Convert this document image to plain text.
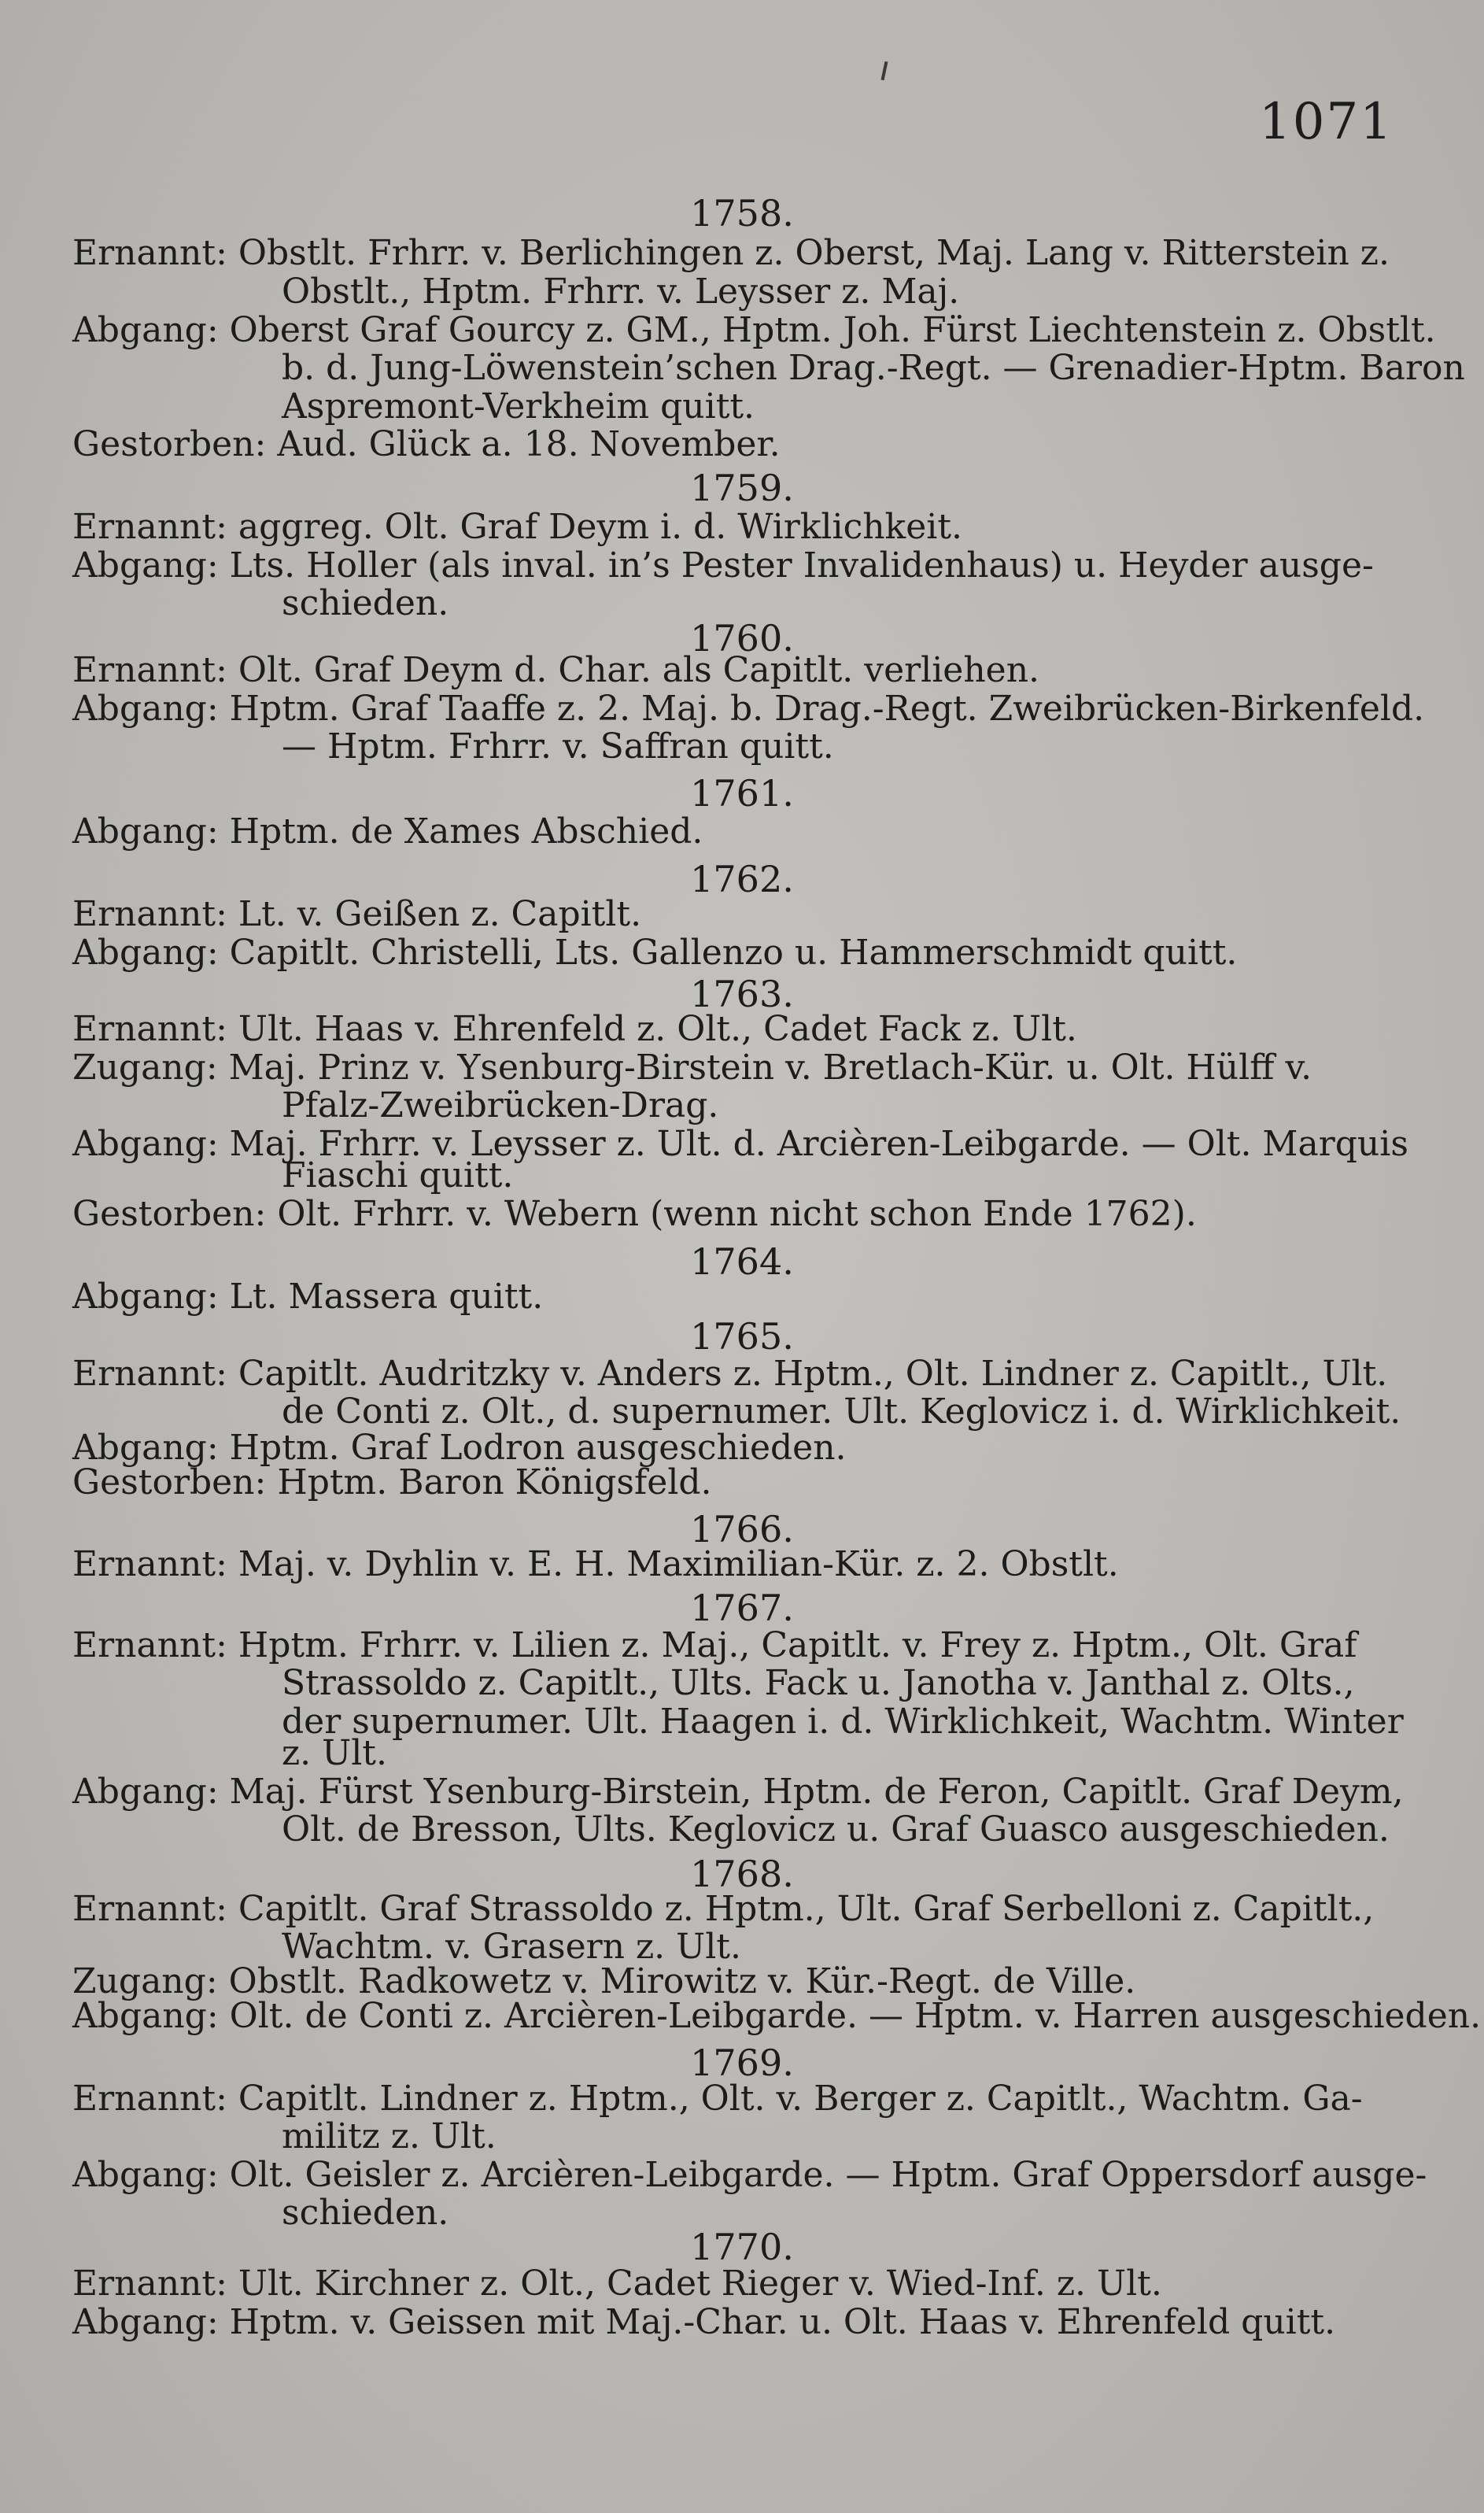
1071
1758.
Ernannt: Obstlt. Frhrr. v. Berlichingen z. Oberst, Maj. Lang v. Ritterstein z.
Obstlt., Hptm. Frhrr. v. Leysser z. Maj.
Abgang: Oberst Graf Gourcy z. GM., Hptm. Joh. Fürst Liechtenstein z. Obstlt.
b. d. Jung-Löwenstein’schen Drag.-Regt. — Grenadier-Hptm. Baron
Aspremont-Verkheim quitt.
Gestorben: Aud. Glück a. 18. November.
1759.
Ernannt: aggreg. Olt. Graf Deym i. d. Wirklichkeit.
Abgang: Lts. Holler (als inval. in’s Pester Invalidenhaus) u. Heyder ausge-
schieden.
1760.
Ernannt: Olt. Graf Deym d. Char. als Capitlt. verliehen.
Abgang: Hptm. Graf Taaffe z. 2. Maj. b. Drag.-Regt. Zweibrücken-Birkenfeld.
— Hptm. Frhrr. v. Saffran quitt.
1761.
Abgang: Hptm. de Xames Abschied.
1762.
Ernannt: Lt. v. Geißen z. Capitlt.
Abgang: Capitlt. Christelli, Lts. Gallenzo u. Hammerschmidt quitt.
1763.
Ernannt: Ult. Haas v. Ehrenfeld z. Olt., Cadet Fack z. Ult.
Zugang: Maj. Prinz v. Ysenburg-Birstein v. Bretlach-Kür. u. Olt. Hülff v.
Pfalz-Zweibrücken-Drag.
Abgang: Maj. Frhrr. v. Leysser z. Ult. d. Arcièren-Leibgarde. — Olt. Marquis
Fiaschi quitt.
Gestorben: Olt. Frhrr. v. Webern (wenn nicht schon Ende 1762).
1764.
Abgang: Lt. Massera quitt.
1765.
Ernannt: Capitlt. Audritzky v. Anders z. Hptm., Olt. Lindner z. Capitlt., Ult.
de Conti z. Olt., d. supernumer. Ult. Keglovicz i. d. Wirklichkeit.
Abgang: Hptm. Graf Lodron ausgeschieden.
Gestorben: Hptm. Baron Königsfeld.
1766.
Ernannt: Maj. v. Dyhlin v. E. H. Maximilian-Kür. z. 2. Obstlt.
1767.
Ernannt: Hptm. Frhrr. v. Lilien z. Maj., Capitlt. v. Frey z. Hptm., Olt. Graf
Strassoldo z. Capitlt., Ults. Fack u. Janotha v. Janthal z. Olts.,
der supernumer. Ult. Haagen i. d. Wirklichkeit, Wachtm. Winter
z. Ult.
Abgang: Maj. Fürst Ysenburg-Birstein, Hptm. de Feron, Capitlt. Graf Deym,
Olt. de Bresson, Ults. Keglovicz u. Graf Guasco ausgeschieden.
1768.
Ernannt: Capitlt. Graf Strassoldo z. Hptm., Ult. Graf Serbelloni z. Capitlt.,
Wachtm. v. Grasern z. Ult.
Zugang: Obstlt. Radkowetz v. Mirowitz v. Kür.-Regt. de Ville.
Abgang: Olt. de Conti z. Arcièren-Leibgarde. — Hptm. v. Harren ausgeschieden.
1769.
Ernannt: Capitlt. Lindner z. Hptm., Olt. v. Berger z. Capitlt., Wachtm. Ga-
militz z. Ult.
Abgang: Olt. Geisler z. Arcièren-Leibgarde. — Hptm. Graf Oppersdorf ausge-
schieden.
1770.
Ernannt: Ult. Kirchner z. Olt., Cadet Rieger v. Wied-Inf. z. Ult.
Abgang: Hptm. v. Geissen mit Maj.-Char. u. Olt. Haas v. Ehrenfeld quitt.
